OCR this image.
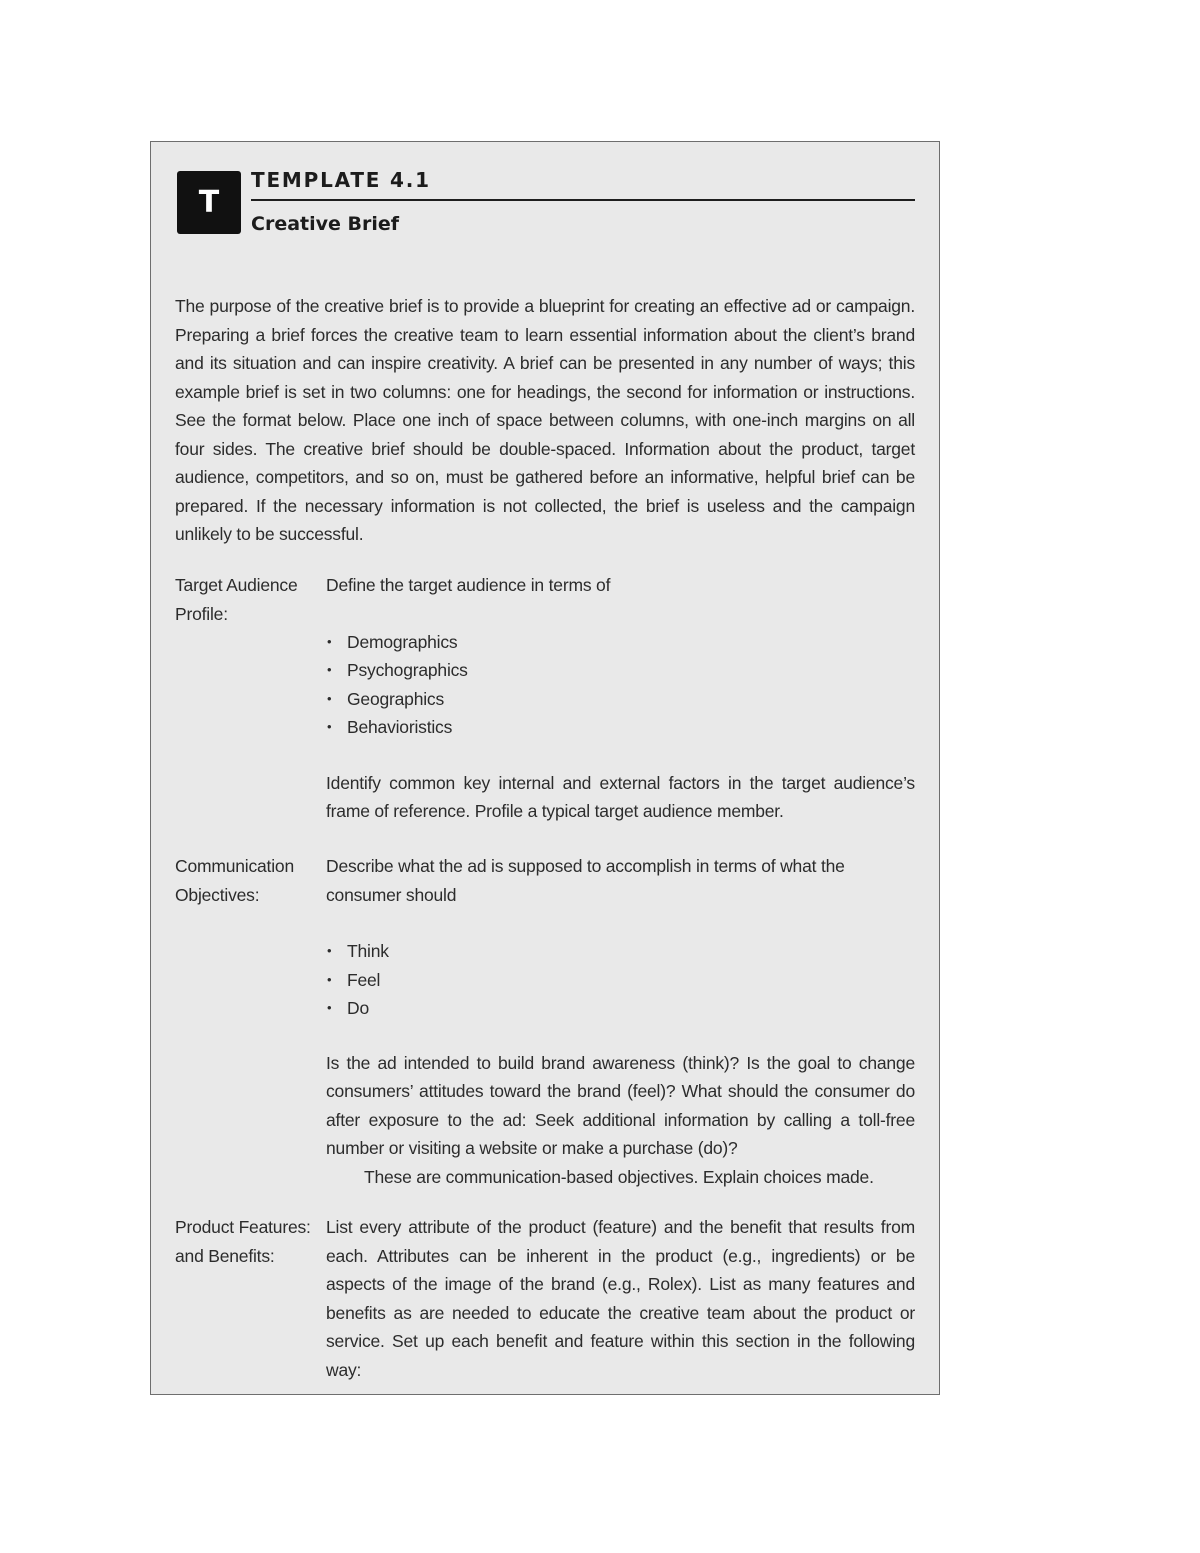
T
TEMPLATE 4.1
Creative Brief

The purpose of the creative brief is to provide a blueprint for creating an effective ad or campaign. Preparing a brief forces the creative team to learn essential information about the client’s brand and its situation and can inspire creativity. A brief can be presented in any number of ways; this example brief is set in two columns: one for headings, the second for information or instructions. See the format below. Place one inch of space between columns, with one-inch margins on all four sides. The creative brief should be double-spaced. Information about the product, target audience, competitors, and so on, must be gathered before an informative, helpful brief can be prepared. If the necessary information is not collected, the brief is useless and the campaign unlikely to be successful.

Target Audience Profile:

Define the target audience in terms of

• Demographics
• Psychographics
• Geographics
• Behavioristics

Identify common key internal and external factors in the target audience’s frame of reference. Profile a typical target audience member.

Communication Objectives:

Describe what the ad is supposed to accomplish in terms of what the consumer should

• Think
• Feel
• Do

Is the ad intended to build brand awareness (think)? Is the goal to change consumers’ attitudes toward the brand (feel)? What should the consumer do after exposure to the ad: Seek additional information by calling a toll-free number or visiting a website or make a purchase (do)?

These are communication-based objectives. Explain choices made.

Product Features: and Benefits:

List every attribute of the product (feature) and the benefit that results from each. Attributes can be inherent in the product (e.g., ingredients) or be aspects of the image of the brand (e.g., Rolex). List as many features and benefits as are needed to educate the creative team about the product or service. Set up each benefit and feature within this section in the following way:
